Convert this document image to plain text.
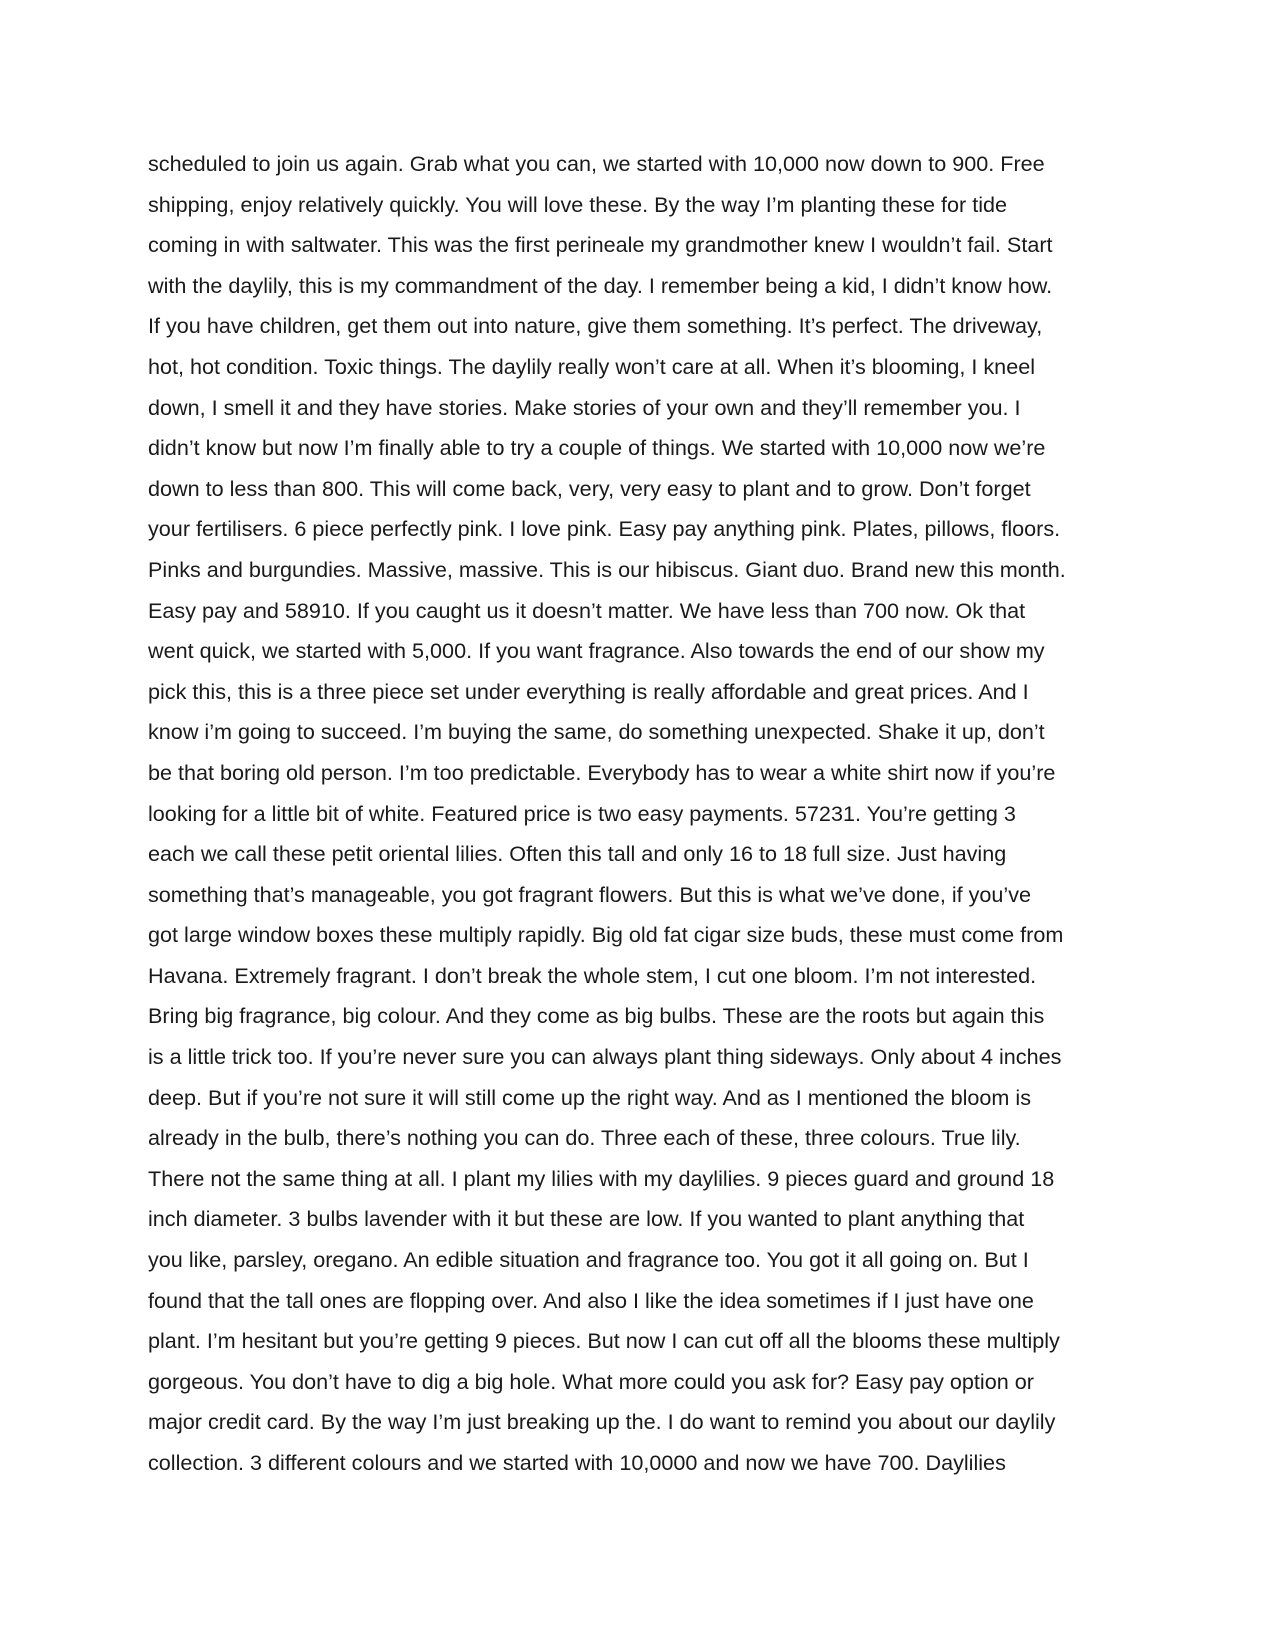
scheduled to join us again. Grab what you can, we started with 10,000 now down to 900. Free
shipping, enjoy relatively quickly. You will love these. By the way I’m planting these for tide
coming in with saltwater. This was the first perineale my grandmother knew I wouldn’t fail. Start
with the daylily, this is my commandment of the day. I remember being a kid, I didn’t know how.
If you have children, get them out into nature, give them something. It’s perfect. The driveway,
hot, hot condition. Toxic things. The daylily really won’t care at all. When it’s blooming, I kneel
down, I smell it and they have stories. Make stories of your own and they’ll remember you. I
didn’t know but now I’m finally able to try a couple of things. We started with 10,000 now we’re
down to less than 800. This will come back, very, very easy to plant and to grow. Don’t forget
your fertilisers. 6 piece perfectly pink. I love pink. Easy pay anything pink. Plates, pillows, floors.
Pinks and burgundies. Massive, massive. This is our hibiscus. Giant duo. Brand new this month.
Easy pay and 58910. If you caught us it doesn’t matter. We have less than 700 now. Ok that
went quick, we started with 5,000. If you want fragrance. Also towards the end of our show my
pick this, this is a three piece set under everything is really affordable and great prices. And I
know i’m going to succeed. I’m buying the same, do something unexpected. Shake it up, don’t
be that boring old person. I’m too predictable. Everybody has to wear a white shirt now if you’re
looking for a little bit of white. Featured price is two easy payments. 57231. You’re getting 3
each we call these petit oriental lilies. Often this tall and only 16 to 18 full size. Just having
something that’s manageable, you got fragrant flowers. But this is what we’ve done, if you’ve
got large window boxes these multiply rapidly. Big old fat cigar size buds, these must come from
Havana. Extremely fragrant. I don’t break the whole stem, I cut one bloom. I’m not interested.
Bring big fragrance, big colour. And they come as big bulbs. These are the roots but again this
is a little trick too. If you’re never sure you can always plant thing sideways. Only about 4 inches
deep. But if you’re not sure it will still come up the right way. And as I mentioned the bloom is
already in the bulb, there’s nothing you can do. Three each of these, three colours. True lily.
There not the same thing at all. I plant my lilies with my daylilies. 9 pieces guard and ground 18
inch diameter. 3 bulbs lavender with it but these are low. If you wanted to plant anything that
you like, parsley, oregano. An edible situation and fragrance too. You got it all going on. But I
found that the tall ones are flopping over. And also I like the idea sometimes if I just have one
plant. I’m hesitant but you’re getting 9 pieces. But now I can cut off all the blooms these multiply
gorgeous. You don’t have to dig a big hole. What more could you ask for? Easy pay option or
major credit card. By the way I’m just breaking up the. I do want to remind you about our daylily
collection. 3 different colours and we started with 10,0000 and now we have 700. Daylilies
